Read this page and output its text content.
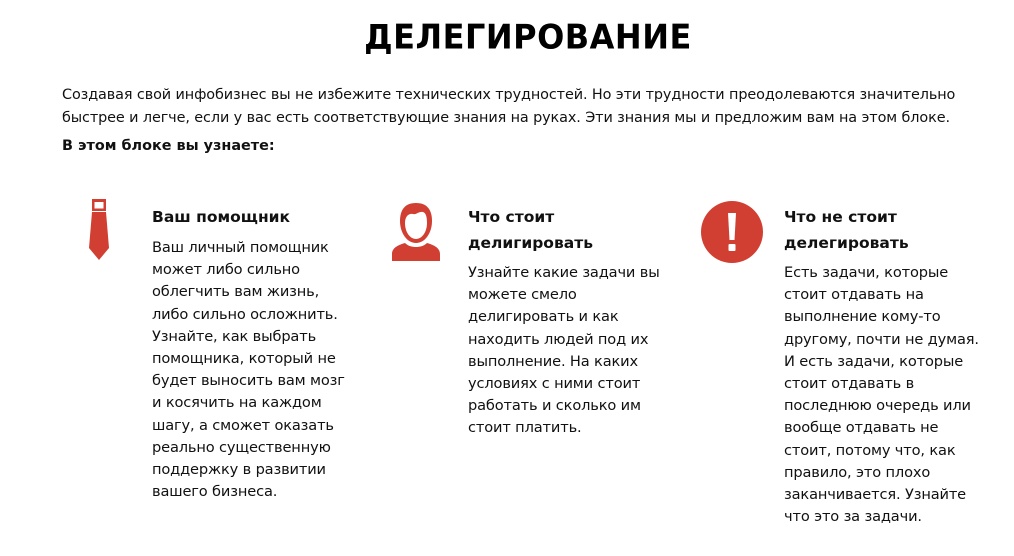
ДЕЛЕГИРОВАНИЕ
Создавая свой инфобизнес вы не избежите технических трудностей. Но эти трудности преодолеваются значительно
быстрее и легче, если у вас есть соответствующие знания на руках. Эти знания мы и предложим вам на этом блоке.
В этом блоке вы узнаете:
Ваш помощник
Ваш личный помощник
может либо сильно
облегчить вам жизнь,
либо сильно осложнить.
Узнайте, как выбрать
помощника, который не
будет выносить вам мозг
и косячить на каждом
шагу, а сможет оказать
реально существенную
поддержку в развитии
вашего бизнеса.
Что стоит
делигировать
Узнайте какие задачи вы
можете смело
делигировать и как
находить людей под их
выполнение. На каких
условиях с ними стоит
работать и сколько им
стоит платить.
Что не стоит
делегировать
Есть задачи, которые
стоит отдавать на
выполнение кому-то
другому, почти не думая.
И есть задачи, которые
стоит отдавать в
последнюю очередь или
вообще отдавать не
стоит, потому что, как
правило, это плохо
заканчивается. Узнайте
что это за задачи.
